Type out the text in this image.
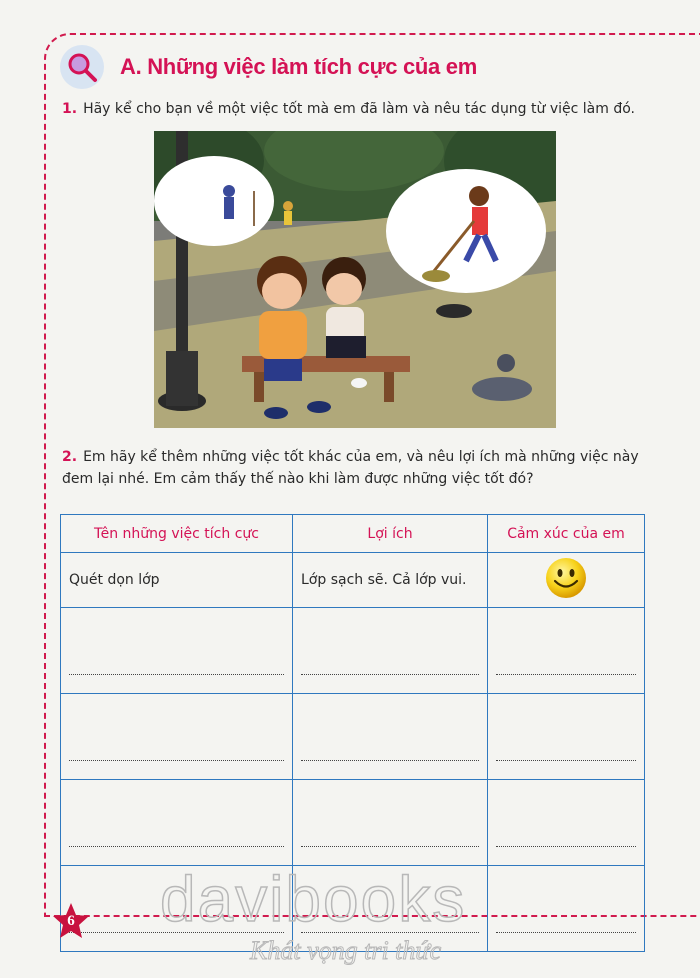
A. Những việc làm tích cực của em
1. Hãy kể cho bạn về một việc tốt mà em đã làm và nêu tác dụng từ việc làm đó.
2. Em hãy kể thêm những việc tốt khác của em, và nêu lợi ích mà những việc này đem lại nhé. Em cảm thấy thế nào khi làm được những việc tốt đó?
Tên những việc tích cực	Lợi ích	Cảm xúc của em
Quét dọn lớp	Lớp sạch sẽ. Cả lớp vui.	

6 davibooks
Khát vọng tri thức
